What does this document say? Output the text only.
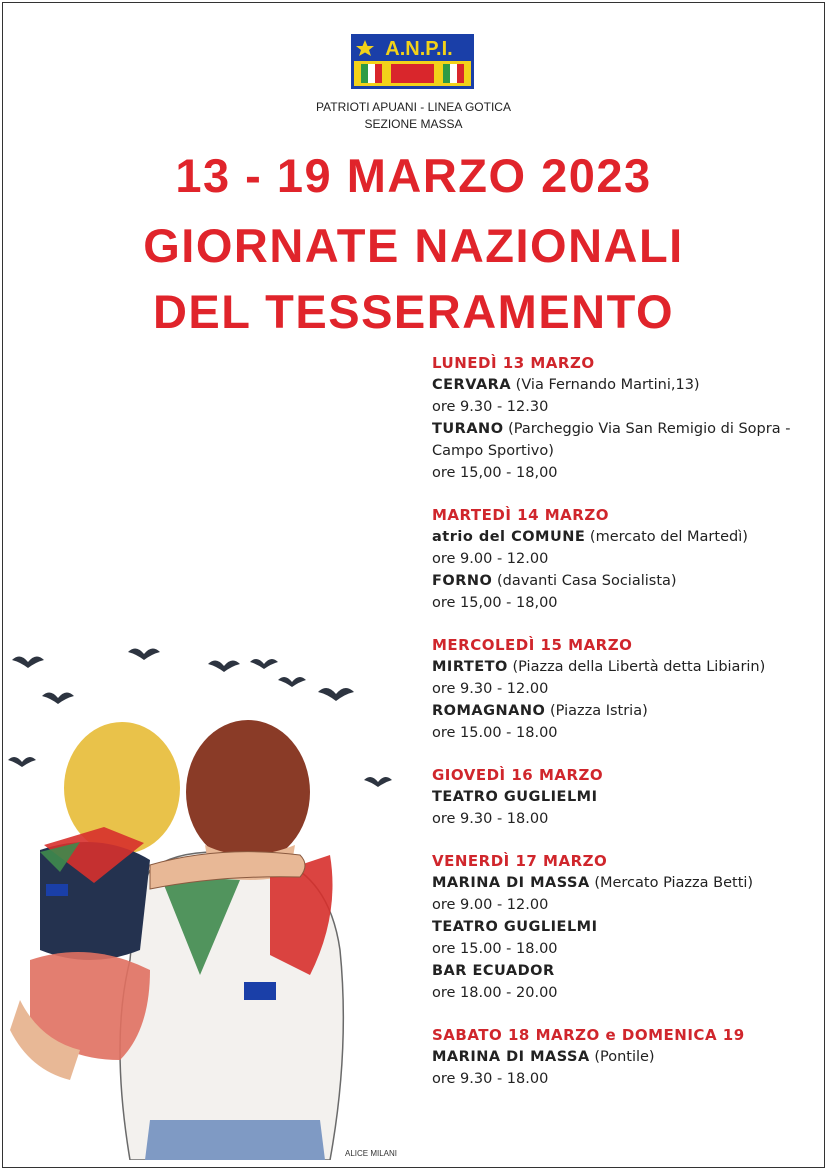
A.N.P.I.
PATRIOTI APUANI - LINEA GOTICA
SEZIONE MASSA
13 - 19 MARZO 2023
GIORNATE NAZIONALI
DEL TESSERAMENTO
LUNEDÌ 13 MARZO
CERVARA (Via Fernando Martini,13)
ore 9.30 - 12.30
TURANO (Parcheggio Via San Remigio di Sopra - Campo Sportivo)
ore 15,00 - 18,00
MARTEDÌ 14 MARZO
atrio del COMUNE (mercato del Martedì)
ore 9.00 - 12.00
FORNO (davanti Casa Socialista)
ore 15,00 - 18,00
MERCOLEDÌ 15 MARZO
MIRTETO (Piazza della Libertà detta Libiarin)
ore 9.30 - 12.00
ROMAGNANO (Piazza Istria)
ore 15.00 - 18.00
GIOVEDÌ 16 MARZO
TEATRO GUGLIELMI
ore 9.30 - 18.00
VENERDÌ 17 MARZO
MARINA DI MASSA (Mercato Piazza Betti)
ore 9.00 - 12.00
TEATRO GUGLIELMI
ore 15.00 - 18.00
BAR ECUADOR
ore 18.00 - 20.00
SABATO 18 MARZO e DOMENICA 19
MARINA DI MASSA (Pontile)
ore 9.30 - 18.00
ALICE MILANI
